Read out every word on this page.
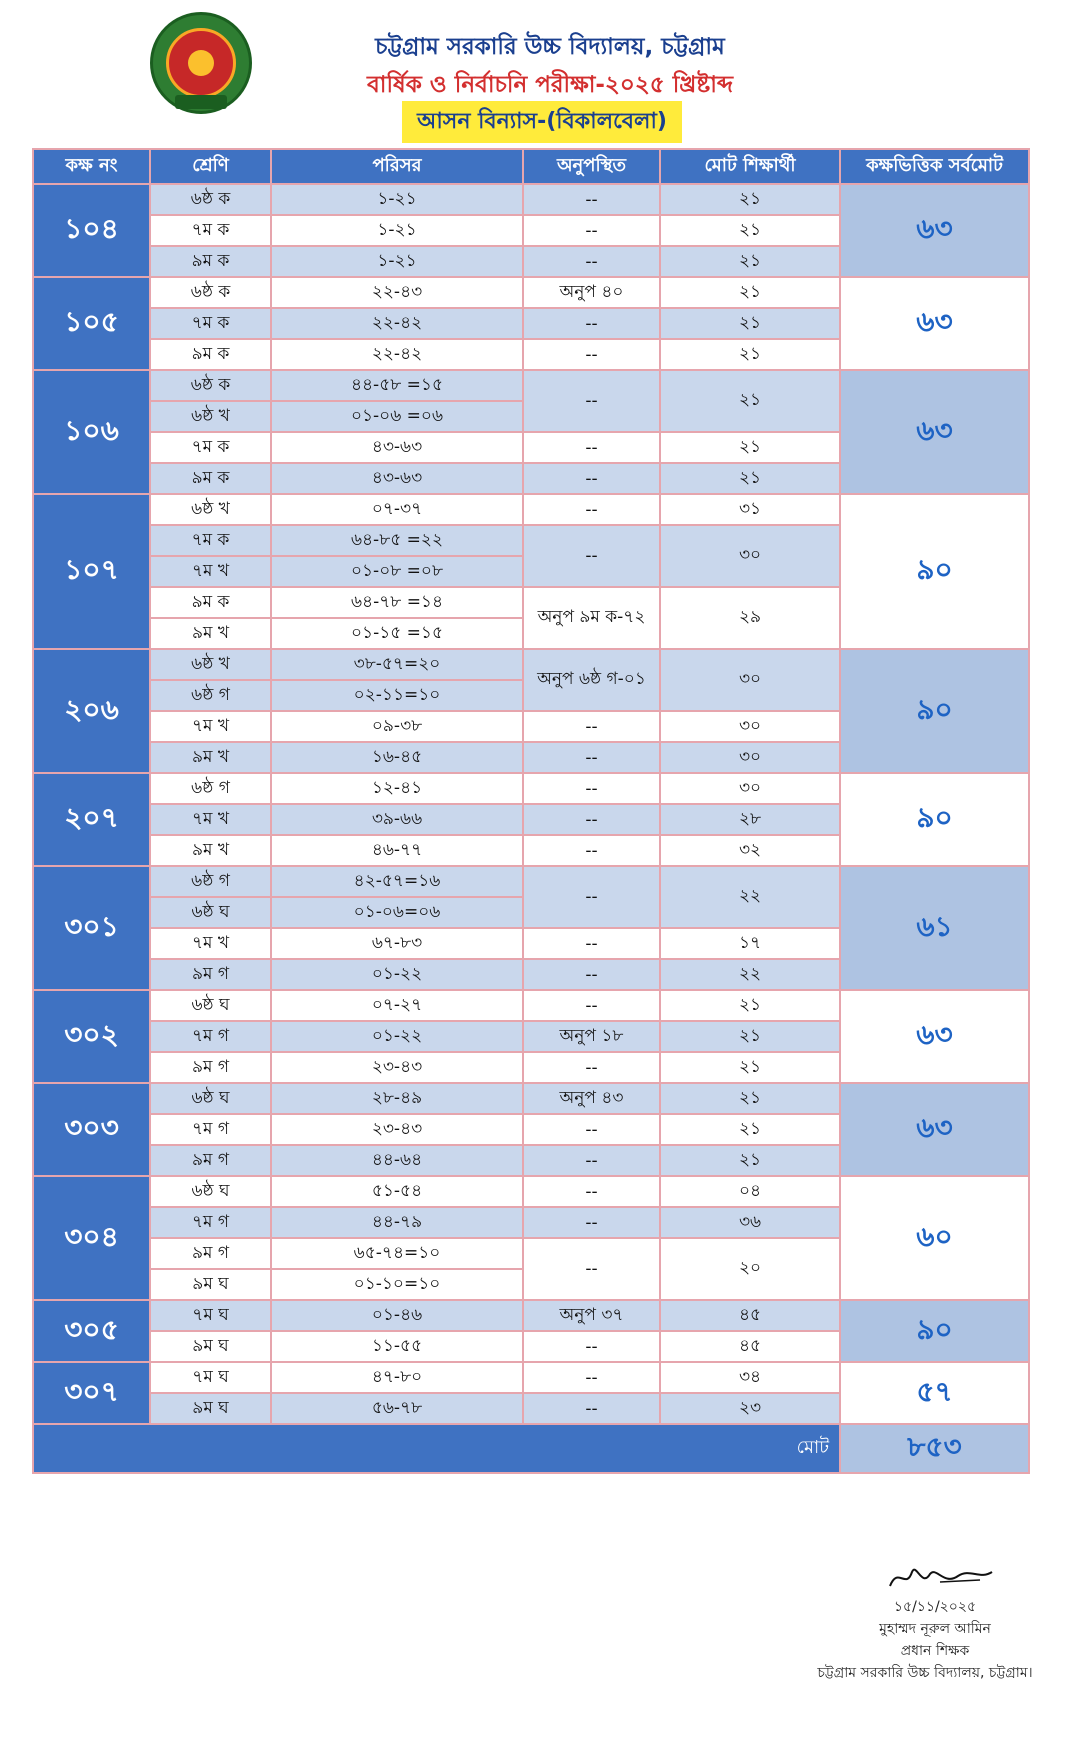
চট্টগ্রাম সরকারি উচ্চ বিদ্যালয়, চট্টগ্রাম
বার্ষিক ও নির্বাচনি পরীক্ষা-২০২৫ খ্রিষ্টাব্দ
আসন বিন্যাস-(বিকালবেলা)
কক্ষ নং	শ্রেণি	পরিসর	অনুপস্থিত	মোট শিক্ষার্থী	কক্ষভিত্তিক সর্বমোট
১০৪	৬ষ্ঠ ক	১-২১	--	২১	৬৩
	৭ম ক	১-২১	--	২১	
	৯ম ক	১-২১	--	২১	
১০৫	৬ষ্ঠ ক	২২-৪৩	অনুপ ৪০	২১	৬৩
	৭ম ক	২২-৪২	--	২১	
	৯ম ক	২২-৪২	--	২১	
১০৬	৬ষ্ঠ ক	৪৪-৫৮ =১৫	--	২১	৬৩
	৬ষ্ঠ খ	০১-০৬ =০৬			
	৭ম ক	৪৩-৬৩	--	২১	
	৯ম ক	৪৩-৬৩	--	২১	
১০৭	৬ষ্ঠ খ	০৭-৩৭	--	৩১	৯০
	৭ম ক	৬৪-৮৫ =২২	--	৩০	
	৭ম খ	০১-০৮ =০৮			
	৯ম ক	৬৪-৭৮ =১৪	অনুপ ৯ম ক-৭২	২৯	
	৯ম খ	০১-১৫ =১৫			
২০৬	৬ষ্ঠ খ	৩৮-৫৭=২০	অনুপ ৬ষ্ঠ গ-০১	৩০	৯০
	৬ষ্ঠ গ	০২-১১=১০			
	৭ম খ	০৯-৩৮	--	৩০	
	৯ম খ	১৬-৪৫	--	৩০	
২০৭	৬ষ্ঠ গ	১২-৪১	--	৩০	৯০
	৭ম খ	৩৯-৬৬	--	২৮	
	৯ম খ	৪৬-৭৭	--	৩২	
৩০১	৬ষ্ঠ গ	৪২-৫৭=১৬	--	২২	৬১
	৬ষ্ঠ ঘ	০১-০৬=০৬			
	৭ম খ	৬৭-৮৩	--	১৭	
	৯ম গ	০১-২২	--	২২	
৩০২	৬ষ্ঠ ঘ	০৭-২৭	--	২১	৬৩
	৭ম গ	০১-২২	অনুপ ১৮	২১	
	৯ম গ	২৩-৪৩	--	২১	
৩০৩	৬ষ্ঠ ঘ	২৮-৪৯	অনুপ ৪৩	২১	৬৩
	৭ম গ	২৩-৪৩	--	২১	
	৯ম গ	৪৪-৬৪	--	২১	
৩০৪	৬ষ্ঠ ঘ	৫১-৫৪	--	০৪	৬০
	৭ম গ	৪৪-৭৯	--	৩৬	
	৯ম গ	৬৫-৭৪=১০	--	২০	
	৯ম ঘ	০১-১০=১০			
৩০৫	৭ম ঘ	০১-৪৬	অনুপ ৩৭	৪৫	৯০
	৯ম ঘ	১১-৫৫	--	৪৫	
৩০৭	৭ম ঘ	৪৭-৮০	--	৩৪	৫৭
	৯ম ঘ	৫৬-৭৮	--	২৩	
মোট					৮৫৩
১৫/১১/২০২৫
মুহাম্মদ নূরুল আমিন
প্রধান শিক্ষক
চট্টগ্রাম সরকারি উচ্চ বিদ্যালয়, চট্টগ্রাম।
